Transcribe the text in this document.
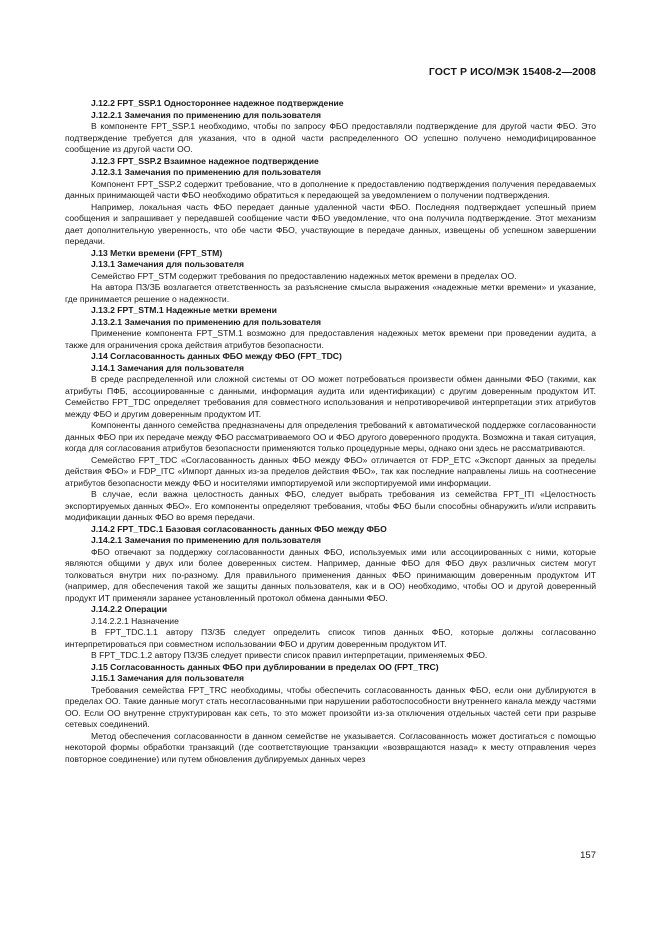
ГОСТ Р ИСО/МЭК 15408-2—2008

J.12.2 FPT_SSP.1 Одностороннее надежное подтверждение

J.12.2.1 Замечания по применению для пользователя

В компоненте FPT_SSP.1 необходимо, чтобы по запросу ФБО предоставляли подтверждение для другой части ФБО. Это подтверждение требуется для указания, что в одной части распределенного ОО успешно получено немодифицированное сообщение из другой части ОО.

J.12.3 FPT_SSP.2 Взаимное надежное подтверждение

J.12.3.1 Замечания по применению для пользователя

Компонент FPT_SSP.2 содержит требование, что в дополнение к предоставлению подтверждения получения передаваемых данных принимающей части ФБО необходимо обратиться к передающей за уведомлением о получении подтверждения.

Например, локальная часть ФБО передает данные удаленной части ФБО. Последняя подтверждает успешный прием сообщения и запрашивает у передавшей сообщение части ФБО уведомление, что она получила подтверждение. Этот механизм дает дополнительную уверенность, что обе части ФБО, участвующие в передаче данных, извещены об успешном завершении передачи.

J.13 Метки времени (FPT_STM)

J.13.1 Замечания для пользователя

Семейство FPT_STM содержит требования по предоставлению надежных меток времени в пределах ОО.

На автора ПЗ/ЗБ возлагается ответственность за разъяснение смысла выражения «надежные метки времени» и указание, где принимается решение о надежности.

J.13.2 FPT_STM.1 Надежные метки времени

J.13.2.1 Замечания по применению для пользователя

Применение компонента FPT_STM.1 возможно для предоставления надежных меток времени при проведении аудита, а также для ограничения срока действия атрибутов безопасности.

J.14 Согласованность данных ФБО между ФБО (FPT_TDC)

J.14.1 Замечания для пользователя

В среде распределенной или сложной системы от ОО может потребоваться произвести обмен данными ФБО (такими, как атрибуты ПФБ, ассоциированные с данными, информация аудита или идентификации) с другим доверенным продуктом ИТ. Семейство FPT_TDC определяет требования для совместного использования и непротиворечивой интерпретации этих атрибутов между ФБО и другим доверенным продуктом ИТ.

Компоненты данного семейства предназначены для определения требований к автоматической поддержке согласованности данных ФБО при их передаче между ФБО рассматриваемого ОО и ФБО другого доверенного продукта. Возможна и такая ситуация, когда для согласования атрибутов безопасности применяются только процедурные меры, однако они здесь не рассматриваются.

Семейство FPT_TDC «Согласованность данных ФБО между ФБО» отличается от FDP_ETC «Экспорт данных за пределы действия ФБО» и FDP_ITC «Импорт данных из-за пределов действия ФБО», так как последние направлены лишь на соотнесение атрибутов безопасности между ФБО и носителями импортируемой или экспортируемой ими информации.

В случае, если важна целостность данных ФБО, следует выбрать требования из семейства FPT_ITI «Целостность экспортируемых данных ФБО». Его компоненты определяют требования, чтобы ФБО были способны обнаружить и/или исправить модификации данных ФБО во время передачи.

J.14.2 FPT_TDC.1 Базовая согласованность данных ФБО между ФБО

J.14.2.1 Замечания по применению для пользователя

ФБО отвечают за поддержку согласованности данных ФБО, используемых ими или ассоциированных с ними, которые являются общими у двух или более доверенных систем. Например, данные ФБО для ФБО двух различных систем могут толковаться внутри них по-разному. Для правильного применения данных ФБО принимающим доверенным продуктом ИТ (например, для обеспечения такой же защиты данных пользователя, как и в ОО) необходимо, чтобы ОО и другой доверенный продукт ИТ применяли заранее установленный протокол обмена данными ФБО.

J.14.2.2 Операции

J.14.2.2.1 Назначение

В FPT_TDC.1.1 автору ПЗ/ЗБ следует определить список типов данных ФБО, которые должны согласованно интерпретироваться при совместном использовании ФБО и другим доверенным продуктом ИТ.

В FPT_TDC.1.2 автору ПЗ/ЗБ следует привести список правил интерпретации, применяемых ФБО.

J.15 Согласованность данных ФБО при дублировании в пределах ОО (FPT_TRC)

J.15.1 Замечания для пользователя

Требования семейства FPT_TRC необходимы, чтобы обеспечить согласованность данных ФБО, если они дублируются в пределах ОО. Такие данные могут стать несогласованными при нарушении работоспособности внутреннего канала между частями ОО. Если ОО внутренне структурирован как сеть, то это может произойти из-за отключения отдельных частей сети при разрыве сетевых соединений.

Метод обеспечения согласованности в данном семействе не указывается. Согласованность может достигаться с помощью некоторой формы обработки транзакций (где соответствующие транзакции «возвращаются назад» к месту отправления через повторное соединение) или путем обновления дублируемых данных через

157
